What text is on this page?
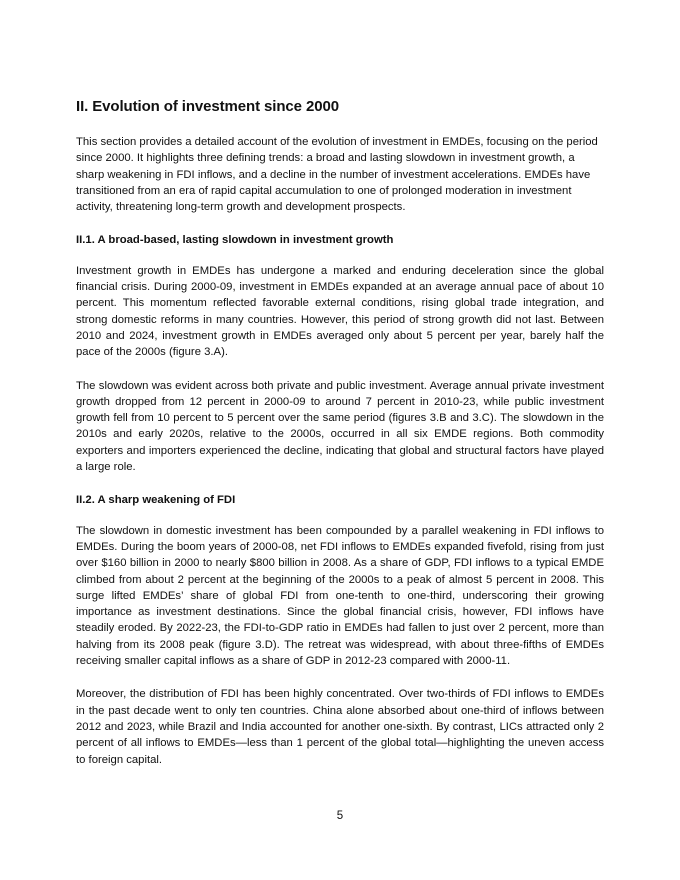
II. Evolution of investment since 2000

This section provides a detailed account of the evolution of investment in EMDEs, focusing on the period since 2000. It highlights three defining trends: a broad and lasting slowdown in investment growth, a sharp weakening in FDI inflows, and a decline in the number of investment accelerations. EMDEs have transitioned from an era of rapid capital accumulation to one of prolonged moderation in investment activity, threatening long-term growth and development prospects.

II.1. A broad-based, lasting slowdown in investment growth

Investment growth in EMDEs has undergone a marked and enduring deceleration since the global financial crisis. During 2000-09, investment in EMDEs expanded at an average annual pace of about 10 percent. This momentum reflected favorable external conditions, rising global trade integration, and strong domestic reforms in many countries. However, this period of strong growth did not last. Between 2010 and 2024, investment growth in EMDEs averaged only about 5 percent per year, barely half the pace of the 2000s (figure 3.A).

The slowdown was evident across both private and public investment. Average annual private investment growth dropped from 12 percent in 2000-09 to around 7 percent in 2010-23, while public investment growth fell from 10 percent to 5 percent over the same period (figures 3.B and 3.C). The slowdown in the 2010s and early 2020s, relative to the 2000s, occurred in all six EMDE regions. Both commodity exporters and importers experienced the decline, indicating that global and structural factors have played a large role.

II.2. A sharp weakening of FDI

The slowdown in domestic investment has been compounded by a parallel weakening in FDI inflows to EMDEs. During the boom years of 2000-08, net FDI inflows to EMDEs expanded fivefold, rising from just over $160 billion in 2000 to nearly $800 billion in 2008. As a share of GDP, FDI inflows to a typical EMDE climbed from about 2 percent at the beginning of the 2000s to a peak of almost 5 percent in 2008. This surge lifted EMDEs’ share of global FDI from one-tenth to one-third, underscoring their growing importance as investment destinations. Since the global financial crisis, however, FDI inflows have steadily eroded. By 2022-23, the FDI-to-GDP ratio in EMDEs had fallen to just over 2 percent, more than halving from its 2008 peak (figure 3.D). The retreat was widespread, with about three-fifths of EMDEs receiving smaller capital inflows as a share of GDP in 2012-23 compared with 2000-11.

Moreover, the distribution of FDI has been highly concentrated. Over two-thirds of FDI inflows to EMDEs in the past decade went to only ten countries. China alone absorbed about one-third of inflows between 2012 and 2023, while Brazil and India accounted for another one-sixth. By contrast, LICs attracted only 2 percent of all inflows to EMDEs—less than 1 percent of the global total—highlighting the uneven access to foreign capital.

5
